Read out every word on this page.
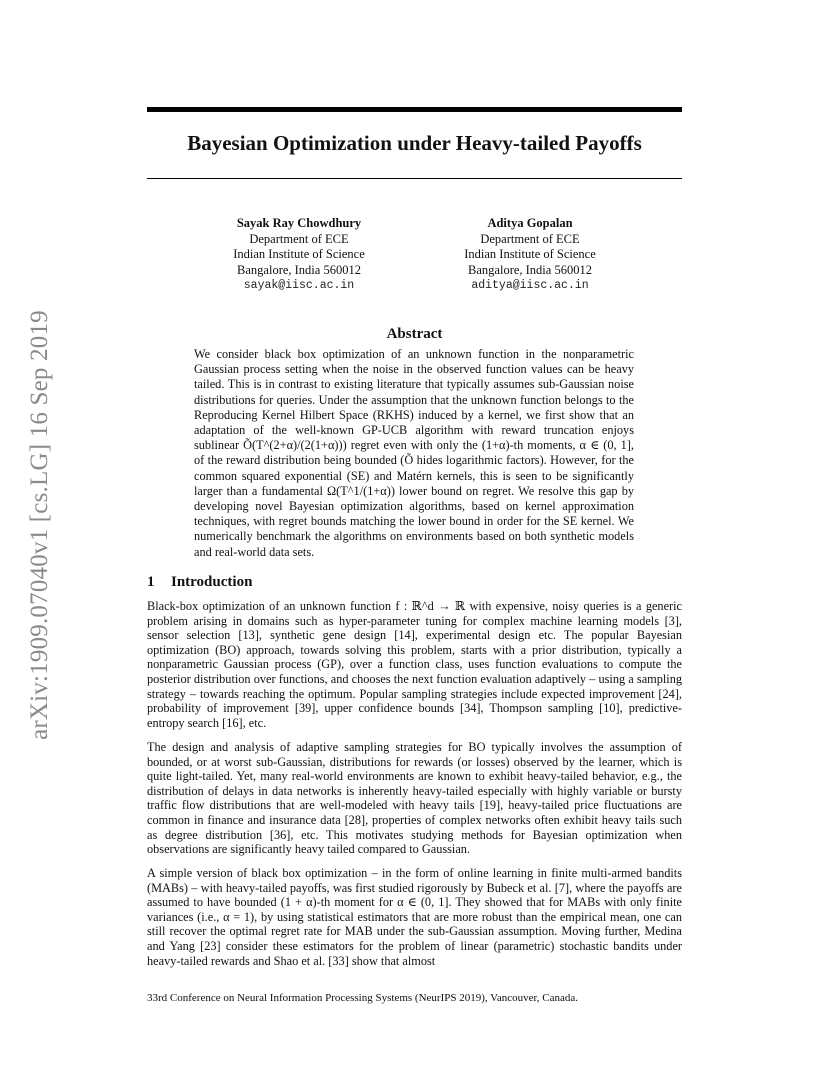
arXiv:1909.07040v1 [cs.LG] 16 Sep 2019
Bayesian Optimization under Heavy-tailed Payoffs
Sayak Ray Chowdhury
Department of ECE
Indian Institute of Science
Bangalore, India 560012
sayak@iisc.ac.in
Aditya Gopalan
Department of ECE
Indian Institute of Science
Bangalore, India 560012
aditya@iisc.ac.in
Abstract
We consider black box optimization of an unknown function in the nonparametric Gaussian process setting when the noise in the observed function values can be heavy tailed. This is in contrast to existing literature that typically assumes sub-Gaussian noise distributions for queries. Under the assumption that the unknown function belongs to the Reproducing Kernel Hilbert Space (RKHS) induced by a kernel, we first show that an adaptation of the well-known GP-UCB algorithm with reward truncation enjoys sublinear Õ(T^(2+α)/(2(1+α))) regret even with only the (1+α)-th moments, α ∈ (0, 1], of the reward distribution being bounded (Õ hides logarithmic factors). However, for the common squared exponential (SE) and Matérn kernels, this is seen to be significantly larger than a fundamental Ω(T^1/(1+α)) lower bound on regret. We resolve this gap by developing novel Bayesian optimization algorithms, based on kernel approximation techniques, with regret bounds matching the lower bound in order for the SE kernel. We numerically benchmark the algorithms on environments based on both synthetic models and real-world data sets.
1 Introduction

Black-box optimization of an unknown function f : ℝ^d → ℝ with expensive, noisy queries is a generic problem arising in domains such as hyper-parameter tuning for complex machine learning models [3], sensor selection [13], synthetic gene design [14], experimental design etc. The popular Bayesian optimization (BO) approach, towards solving this problem, starts with a prior distribution, typically a nonparametric Gaussian process (GP), over a function class, uses function evaluations to compute the posterior distribution over functions, and chooses the next function evaluation adaptively – using a sampling strategy – towards reaching the optimum. Popular sampling strategies include expected improvement [24], probability of improvement [39], upper confidence bounds [34], Thompson sampling [10], predictive-entropy search [16], etc.

The design and analysis of adaptive sampling strategies for BO typically involves the assumption of bounded, or at worst sub-Gaussian, distributions for rewards (or losses) observed by the learner, which is quite light-tailed. Yet, many real-world environments are known to exhibit heavy-tailed behavior, e.g., the distribution of delays in data networks is inherently heavy-tailed especially with highly variable or bursty traffic flow distributions that are well-modeled with heavy tails [19], heavy-tailed price fluctuations are common in finance and insurance data [28], properties of complex networks often exhibit heavy tails such as degree distribution [36], etc. This motivates studying methods for Bayesian optimization when observations are significantly heavy tailed compared to Gaussian.

A simple version of black box optimization – in the form of online learning in finite multi-armed bandits (MABs) – with heavy-tailed payoffs, was first studied rigorously by Bubeck et al. [7], where the payoffs are assumed to have bounded (1 + α)-th moment for α ∈ (0, 1]. They showed that for MABs with only finite variances (i.e., α = 1), by using statistical estimators that are more robust than the empirical mean, one can still recover the optimal regret rate for MAB under the sub-Gaussian assumption. Moving further, Medina and Yang [23] consider these estimators for the problem of linear (parametric) stochastic bandits under heavy-tailed rewards and Shao et al. [33] show that almost

33rd Conference on Neural Information Processing Systems (NeurIPS 2019), Vancouver, Canada.
